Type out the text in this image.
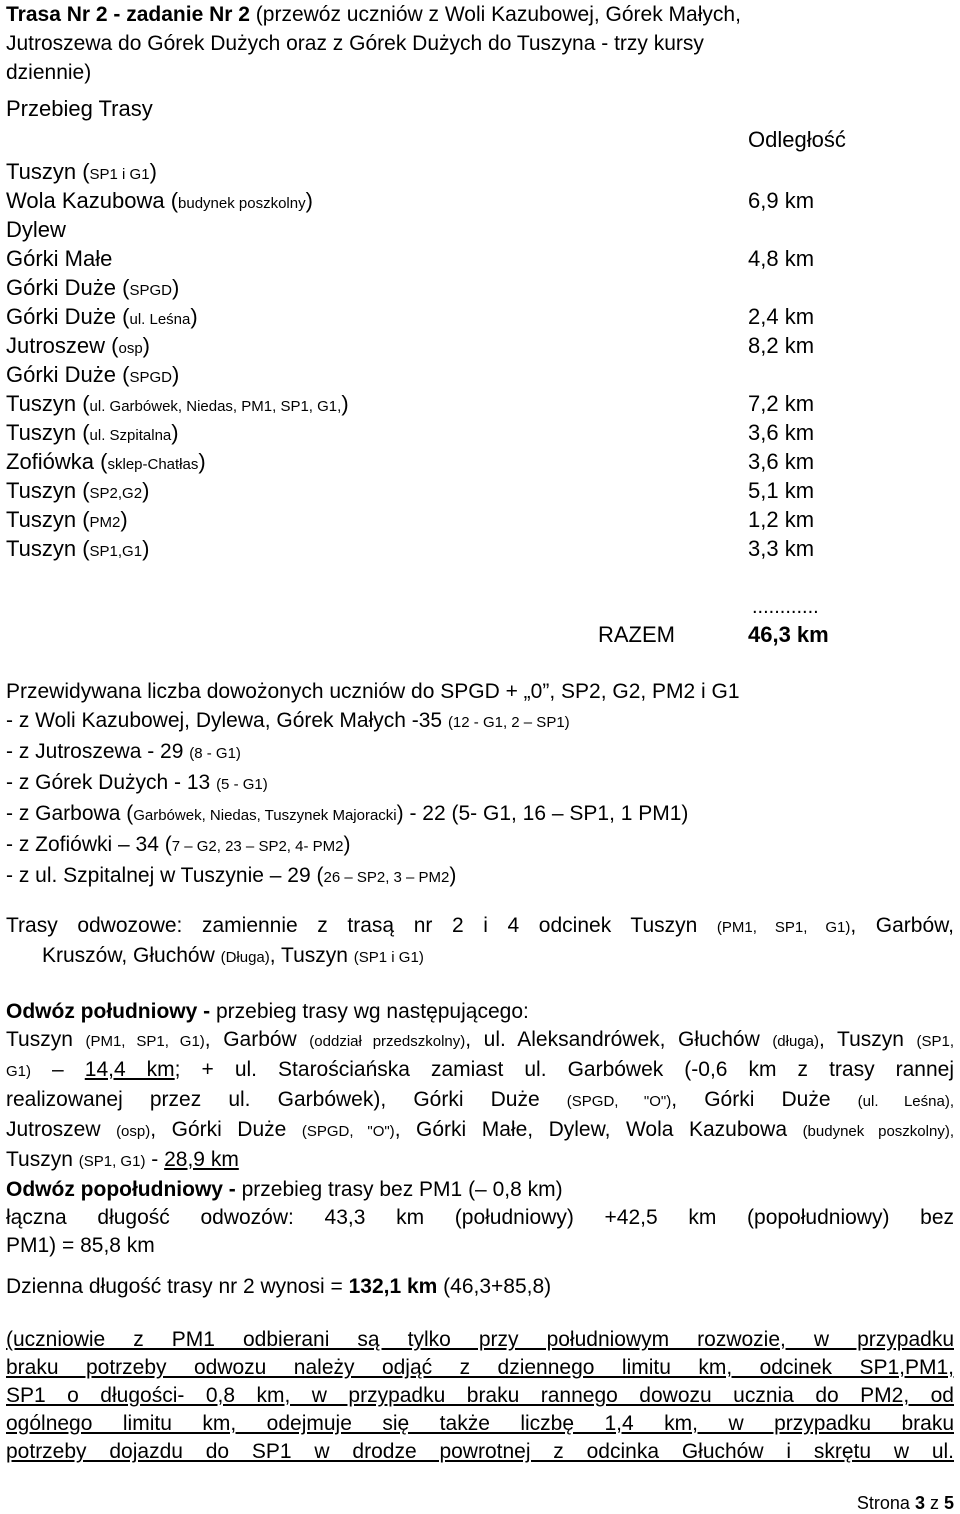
Trasa Nr 2 - zadanie Nr 2 (przewóz uczniów z Woli Kazubowej, Górek Małych,
Jutroszewa do Górek Dużych oraz z Górek Dużych do Tuszyna - trzy kursy
dziennie)
Przebieg Trasy
Odległość
Tuszyn (SP1 i G1)
Wola Kazubowa (budynek poszkolny)	6,9 km
Dylew
Górki Małe	4,8 km
Górki Duże (SPGD)
Górki Duże (ul. Leśna)	2,4 km
Jutroszew (osp)	8,2 km
Górki Duże (SPGD)
Tuszyn (ul. Garbówek, Niedas, PM1, SP1, G1,)	7,2 km
Tuszyn (ul. Szpitalna)	3,6 km
Zofiówka (sklep-Chatłas)	3,6 km
Tuszyn (SP2,G2)	5,1 km
Tuszyn (PM2)	1,2 km
Tuszyn (SP1,G1)	3,3 km
............
RAZEM	46,3 km
Przewidywana liczba dowożonych uczniów do SPGD + „0”, SP2, G2, PM2 i G1
- z Woli Kazubowej, Dylewa, Górek Małych -35 (12 - G1, 2 – SP1)
- z Jutroszewa - 29 (8 - G1)
- z Górek Dużych - 13 (5 - G1)
- z Garbowa (Garbówek, Niedas, Tuszynek Majoracki) - 22 (5- G1, 16 – SP1, 1 PM1)
- z Zofiówki – 34 (7 – G2, 23 – SP2, 4- PM2)
- z ul. Szpitalnej w Tuszynie – 29 (26 – SP2, 3 – PM2)
Trasy odwozowe: zamiennie z trasą nr 2 i 4 odcinek Tuszyn (PM1, SP1, G1), Garbów,
Kruszów, Głuchów (Długa), Tuszyn (SP1 i G1)
Odwóz południowy - przebieg trasy wg następującego:
Tuszyn (PM1, SP1, G1), Garbów (oddział przedszkolny), ul. Aleksandrówek, Głuchów (długa), Tuszyn (SP1,
G1) – 14,4 km; + ul. Starościańska zamiast ul. Garbówek (-0,6 km z trasy rannej
realizowanej przez ul. Garbówek), Górki Duże (SPGD, "O"), Górki Duże (ul. Leśna),
Jutroszew (osp), Górki Duże (SPGD, "O"), Górki Małe, Dylew, Wola Kazubowa (budynek poszkolny),
Tuszyn (SP1, G1) - 28,9 km
Odwóz popołudniowy - przebieg trasy bez PM1 (– 0,8 km)
łączna długość odwozów: 43,3 km (południowy) +42,5 km (popołudniowy) bez
PM1) = 85,8 km
Dzienna długość trasy nr 2 wynosi = 132,1 km (46,3+85,8)
(uczniowie z PM1 odbierani są tylko przy południowym rozwozie, w przypadku
braku potrzeby odwozu należy odjąć z dziennego limitu km, odcinek SP1,PM1,
SP1 o długości- 0,8 km, w przypadku braku rannego dowozu ucznia do PM2, od
ogólnego limitu km, odejmuje się także liczbę 1,4 km, w przypadku braku
potrzeby dojazdu do SP1 w drodze powrotnej z odcinka Głuchów i skrętu w ul.
Strona 3 z 5
